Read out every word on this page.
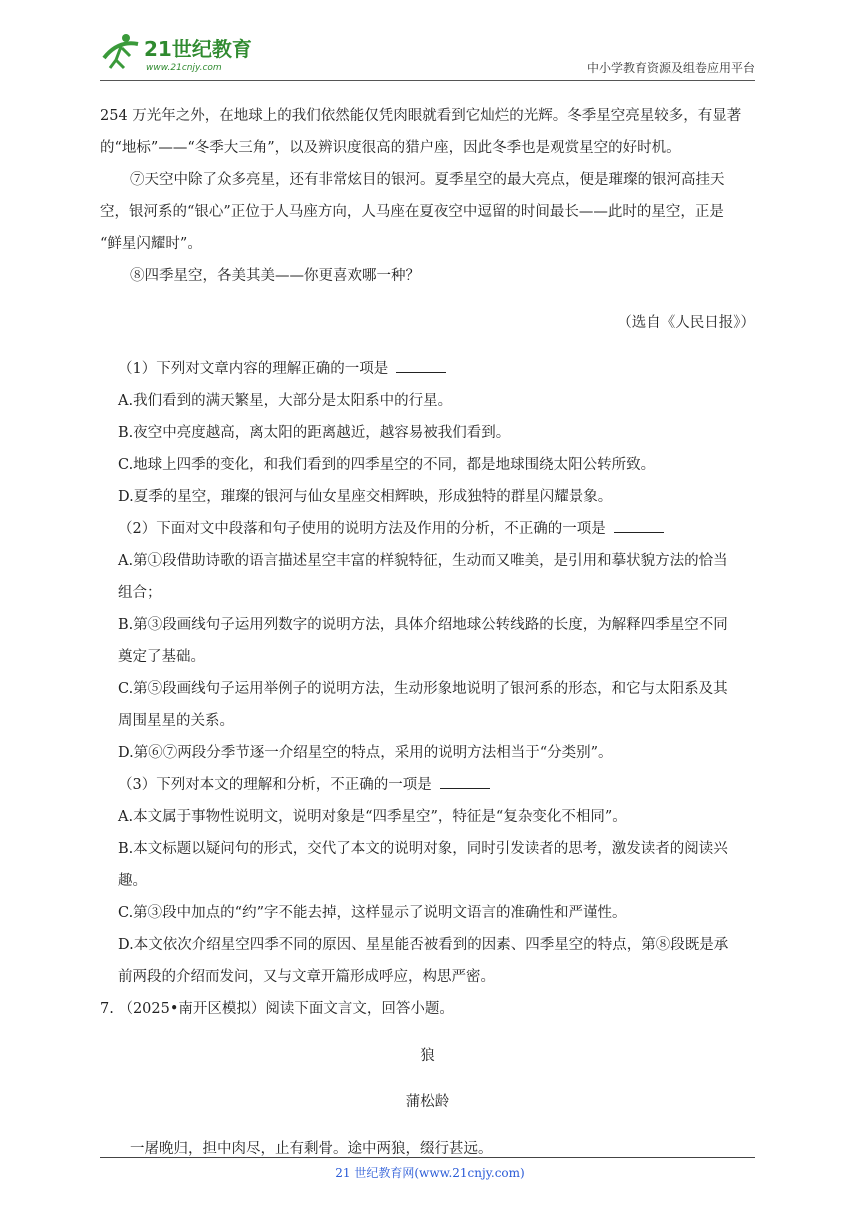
21世纪教育
www.21cnjy.com	中小学教育资源及组卷应用平台

254 万光年之外，在地球上的我们依然能仅凭肉眼就看到它灿烂的光辉。冬季星空亮星较多，有显著

的“地标”——“冬季大三角”，以及辨识度很高的猎户座，因此冬季也是观赏星空的好时机。

⑦天空中除了众多亮星，还有非常炫目的银河。夏季星空的最大亮点，便是璀璨的银河高挂天

空，银河系的“银心”正位于人马座方向，人马座在夏夜空中逗留的时间最长——此时的星空，正是

“鲜星闪耀时”。

⑧四季星空，各美其美——你更喜欢哪一种？

（选自《人民日报》）

（1）下列对文章内容的理解正确的一项是

A.我们看到的满天繁星，大部分是太阳系中的行星。

B.夜空中亮度越高，离太阳的距离越近，越容易被我们看到。

C.地球上四季的变化，和我们看到的四季星空的不同，都是地球围绕太阳公转所致。

D.夏季的星空，璀璨的银河与仙女星座交相辉映，形成独特的群星闪耀景象。

（2）下面对文中段落和句子使用的说明方法及作用的分析，不正确的一项是

A.第①段借助诗歌的语言描述星空丰富的样貌特征，生动而又唯美，是引用和摹状貌方法的恰当

组合；

B.第③段画线句子运用列数字的说明方法，具体介绍地球公转线路的长度，为解释四季星空不同

奠定了基础。

C.第⑤段画线句子运用举例子的说明方法，生动形象地说明了银河系的形态，和它与太阳系及其

周围星星的关系。

D.第⑥⑦两段分季节逐一介绍星空的特点，采用的说明方法相当于“分类别”。

（3）下列对本文的理解和分析，不正确的一项是

A.本文属于事物性说明文，说明对象是“四季星空”，特征是“复杂变化不相同”。

B.本文标题以疑问句的形式，交代了本文的说明对象，同时引发读者的思考，激发读者的阅读兴

趣。

C.第③段中加点的“约”字不能去掉，这样显示了说明文语言的准确性和严谨性。

D.本文依次介绍星空四季不同的原因、星星能否被看到的因素、四季星空的特点，第⑧段既是承

前两段的介绍而发问，又与文章开篇形成呼应，构思严密。

7. （2025•南开区模拟）阅读下面文言文，回答小题。

狼

蒲松龄

一屠晚归，担中肉尽，止有剩骨。途中两狼，缀行甚远。

21 世纪教育网(www.21cnjy.com)
